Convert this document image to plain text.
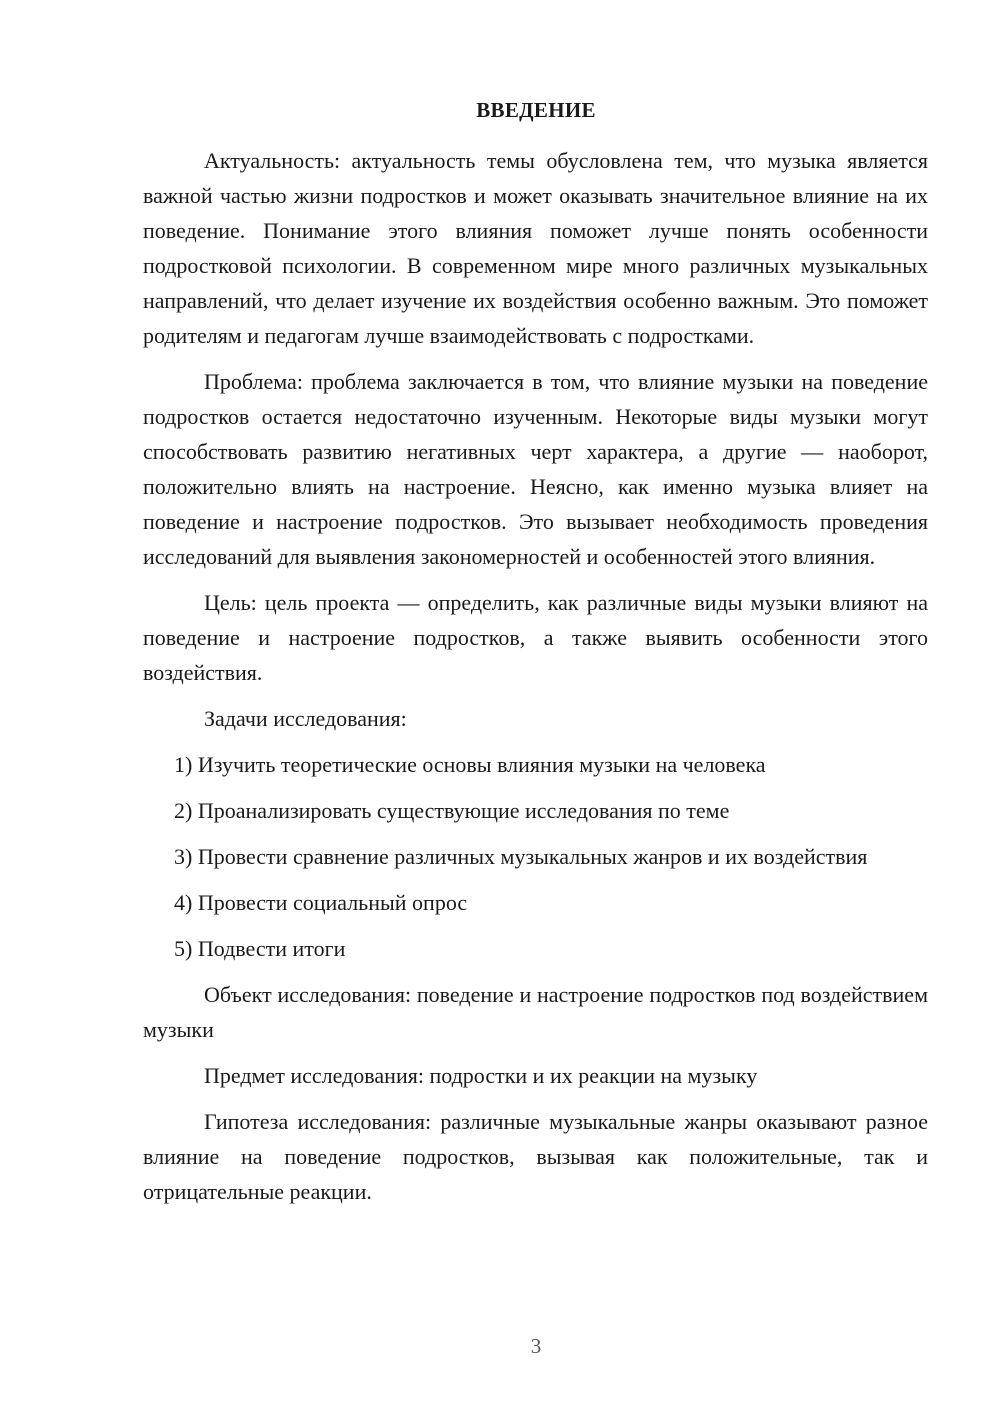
ВВЕДЕНИЕ

Актуальность: актуальность темы обусловлена тем, что музыка является важной частью жизни подростков и может оказывать значительное влияние на их поведение. Понимание этого влияния поможет лучше понять особенности подростковой психологии. В современном мире много различных музыкальных направлений, что делает изучение их воздействия особенно важным. Это поможет родителям и педагогам лучше взаимодействовать с подростками.

Проблема: проблема заключается в том, что влияние музыки на поведение подростков остается недостаточно изученным. Некоторые виды музыки могут способствовать развитию негативных черт характера, а другие — наоборот, положительно влиять на настроение. Неясно, как именно музыка влияет на поведение и настроение подростков. Это вызывает необходимость проведения исследований для выявления закономерностей и особенностей этого влияния.

Цель: цель проекта — определить, как различные виды музыки влияют на поведение и настроение подростков, а также выявить особенности этого воздействия.

Задачи исследования:

1) Изучить теоретические основы влияния музыки на человека

2) Проанализировать существующие исследования по теме

3) Провести сравнение различных музыкальных жанров и их воздействия

4) Провести социальный опрос

5) Подвести итоги

Объект исследования: поведение и настроение подростков под воздействием музыки

Предмет исследования: подростки и их реакции на музыку

Гипотеза исследования: различные музыкальные жанры оказывают разное влияние на поведение подростков, вызывая как положительные, так и отрицательные реакции.

3
